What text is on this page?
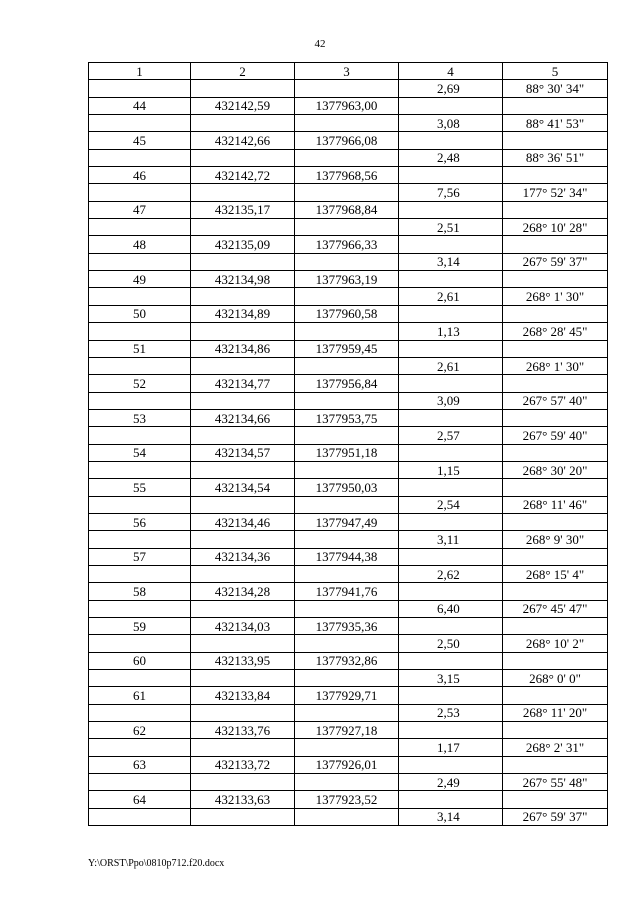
42
1	2	3	4	5
			2,69	88° 30' 34"
44	432142,59	1377963,00		
			3,08	88° 41' 53"
45	432142,66	1377966,08		
			2,48	88° 36' 51"
46	432142,72	1377968,56		
			7,56	177° 52' 34"
47	432135,17	1377968,84		
			2,51	268° 10' 28"
48	432135,09	1377966,33		
			3,14	267° 59' 37"
49	432134,98	1377963,19		
			2,61	268° 1' 30"
50	432134,89	1377960,58		
			1,13	268° 28' 45"
51	432134,86	1377959,45		
			2,61	268° 1' 30"
52	432134,77	1377956,84		
			3,09	267° 57' 40"
53	432134,66	1377953,75		
			2,57	267° 59' 40"
54	432134,57	1377951,18		
			1,15	268° 30' 20"
55	432134,54	1377950,03		
			2,54	268° 11' 46"
56	432134,46	1377947,49		
			3,11	268° 9' 30"
57	432134,36	1377944,38		
			2,62	268° 15' 4"
58	432134,28	1377941,76		
			6,40	267° 45' 47"
59	432134,03	1377935,36		
			2,50	268° 10' 2"
60	432133,95	1377932,86		
			3,15	268° 0' 0"
61	432133,84	1377929,71		
			2,53	268° 11' 20"
62	432133,76	1377927,18		
			1,17	268° 2' 31"
63	432133,72	1377926,01		
			2,49	267° 55' 48"
64	432133,63	1377923,52		
			3,14	267° 59' 37"
Y:\ORST\Ppo\0810p712.f20.docx
